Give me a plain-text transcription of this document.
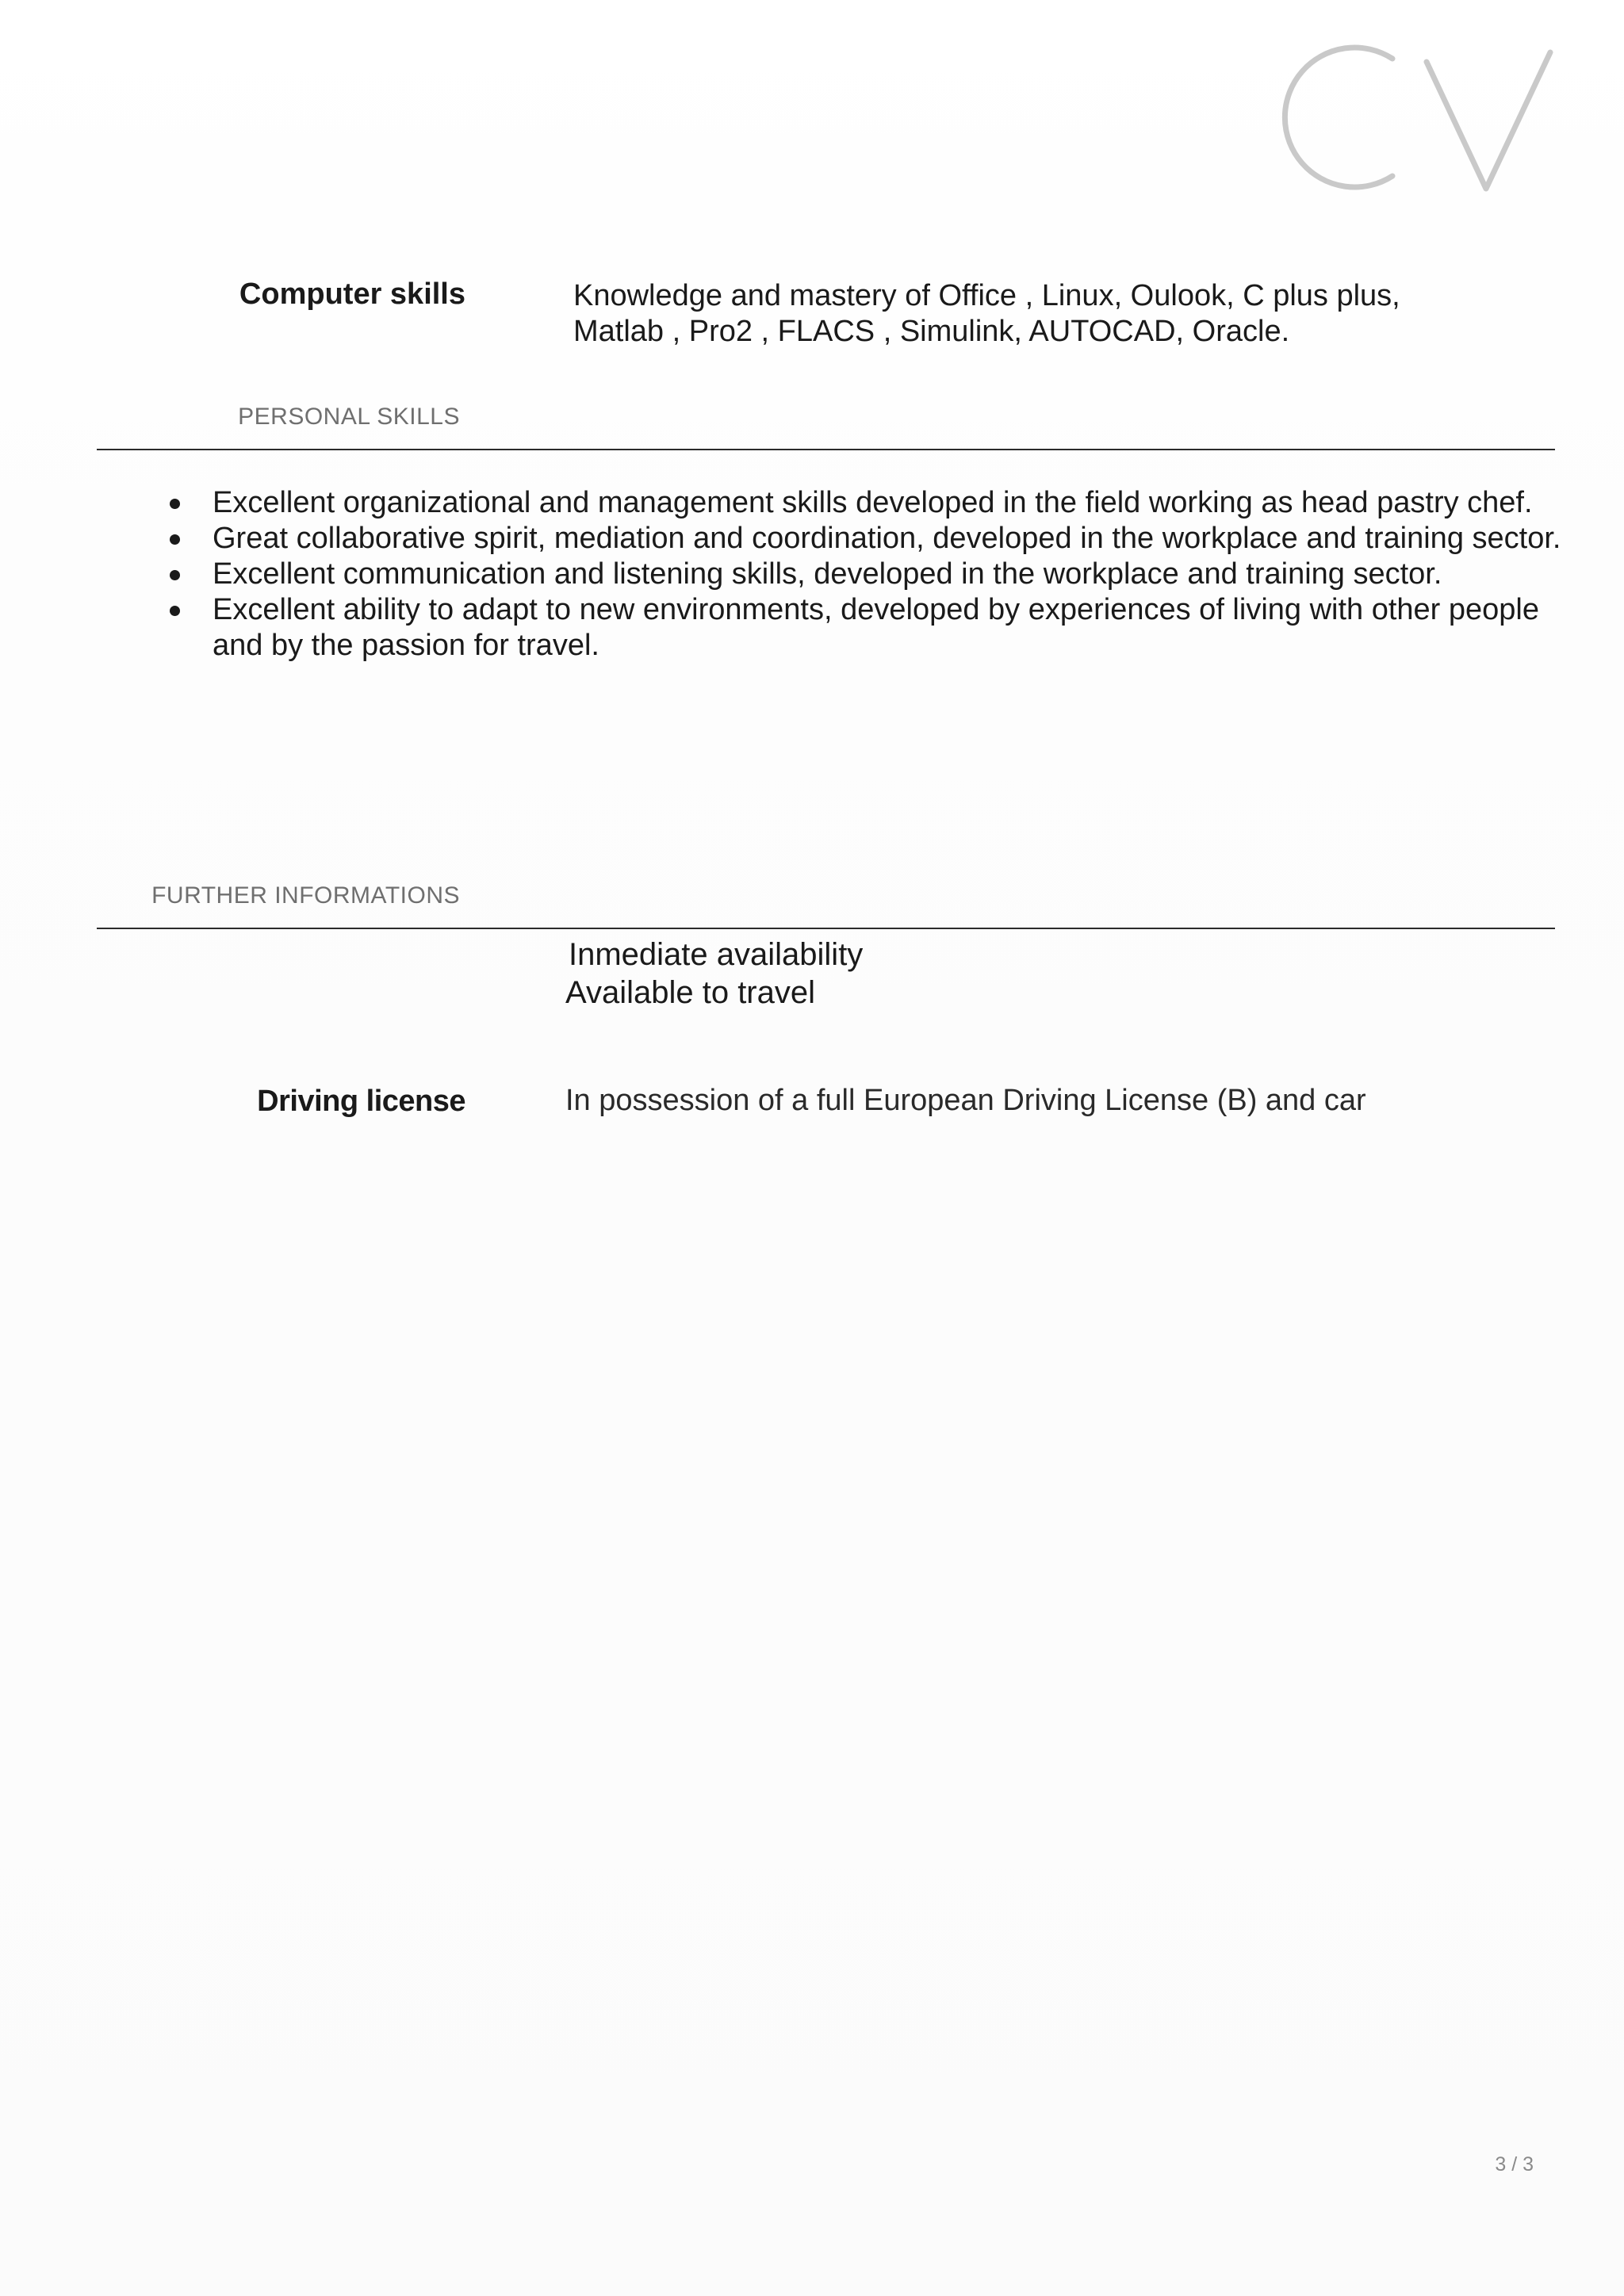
Computer skills	Knowledge and mastery of Office , Linux, Oulook, C plus plus,
Matlab , Pro2 , FLACS , Simulink, AUTOCAD, Oracle.
PERSONAL SKILLS
Excellent organizational and management skills developed in the field working as head pastry chef.
Great collaborative spirit, mediation and coordination, developed in the workplace and training sector.
Excellent communication and listening skills, developed in the workplace and training sector.
Excellent ability to adapt to new environments, developed by experiences of living with other people and by the passion for travel.
FURTHER INFORMATIONS
Inmediate availability
Available to travel
Driving license	In possession of a full European Driving License (B) and car
3 / 3
